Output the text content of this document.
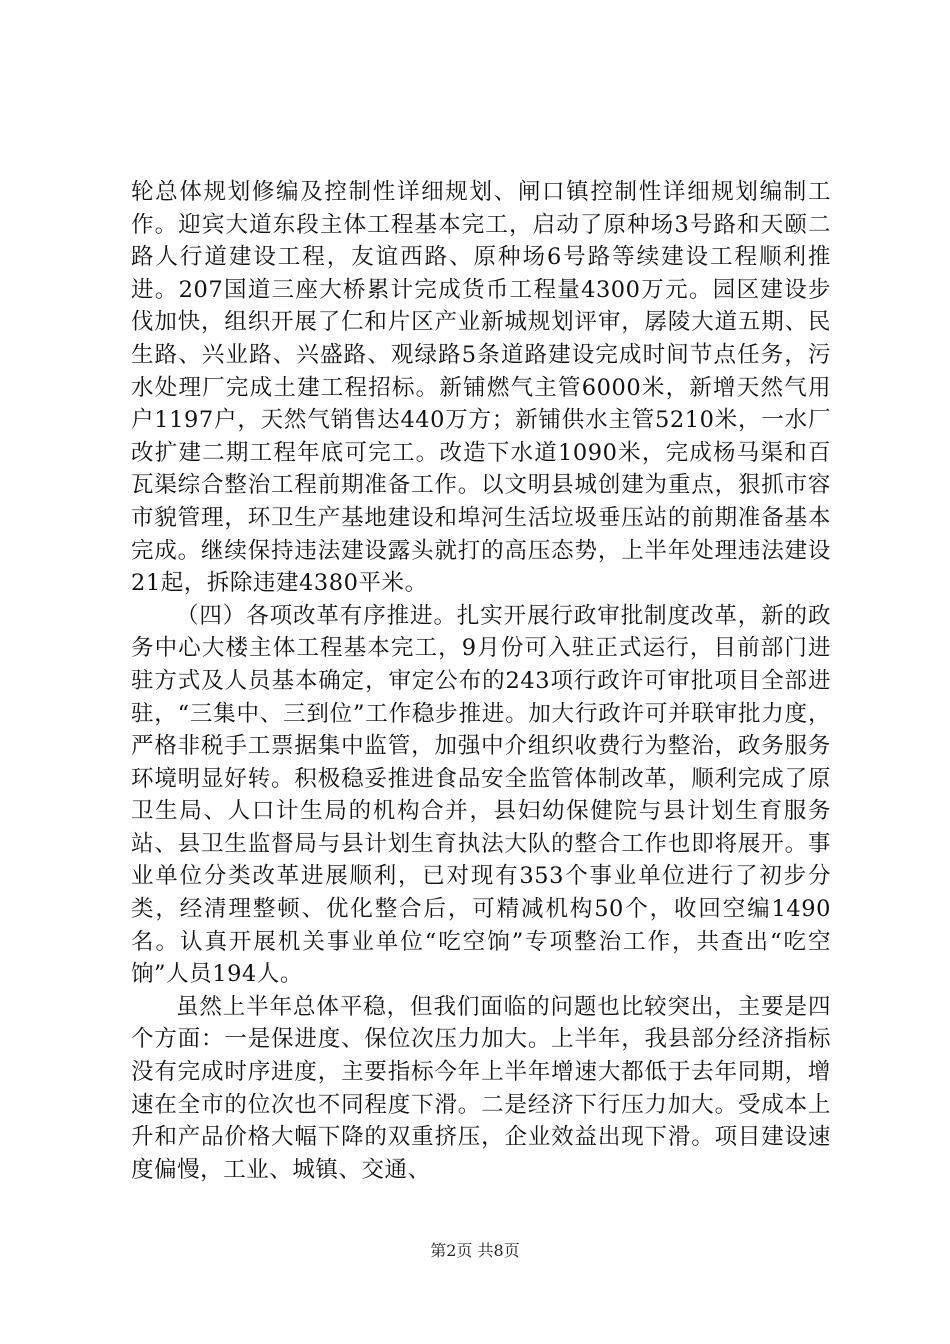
轮总体规划修编及控制性详细规划、闸口镇控制性详细规划编制工作。迎宾大道东段主体工程基本完工，启动了原种场3号路和天颐二路人行道建设工程，友谊西路、原种场6号路等续建设工程顺利推进。207国道三座大桥累计完成货币工程量4300万元。园区建设步伐加快，组织开展了仁和片区产业新城规划评审，孱陵大道五期、民生路、兴业路、兴盛路、观绿路5条道路建设完成时间节点任务，污水处理厂完成土建工程招标。新铺燃气主管6000米，新增天然气用户1197户，天然气销售达440万方；新铺供水主管5210米，一水厂改扩建二期工程年底可完工。改造下水道1090米，完成杨马渠和百瓦渠综合整治工程前期准备工作。以文明县城创建为重点，狠抓市容市貌管理，环卫生产基地建设和埠河生活垃圾垂压站的前期准备基本完成。继续保持违法建设露头就打的高压态势，上半年处理违法建设21起，拆除违建4380平米。

（四）各项改革有序推进。扎实开展行政审批制度改革，新的政务中心大楼主体工程基本完工，9月份可入驻正式运行，目前部门进驻方式及人员基本确定，审定公布的243项行政许可审批项目全部进驻，“三集中、三到位”工作稳步推进。加大行政许可并联审批力度，严格非税手工票据集中监管，加强中介组织收费行为整治，政务服务环境明显好转。积极稳妥推进食品安全监管体制改革，顺利完成了原卫生局、人口计生局的机构合并，县妇幼保健院与县计划生育服务站、县卫生监督局与县计划生育执法大队的整合工作也即将展开。事业单位分类改革进展顺利，已对现有353个事业单位进行了初步分类，经清理整顿、优化整合后，可精减机构50个，收回空编1490名。认真开展机关事业单位“吃空饷”专项整治工作，共查出“吃空饷”人员194人。

虽然上半年总体平稳，但我们面临的问题也比较突出，主要是四个方面：一是保进度、保位次压力加大。上半年，我县部分经济指标没有完成时序进度，主要指标今年上半年增速大都低于去年同期，增速在全市的位次也不同程度下滑。二是经济下行压力加大。受成本上升和产品价格大幅下降的双重挤压，企业效益出现下滑。项目建设速度偏慢，工业、城镇、交通、

第2页 共8页
